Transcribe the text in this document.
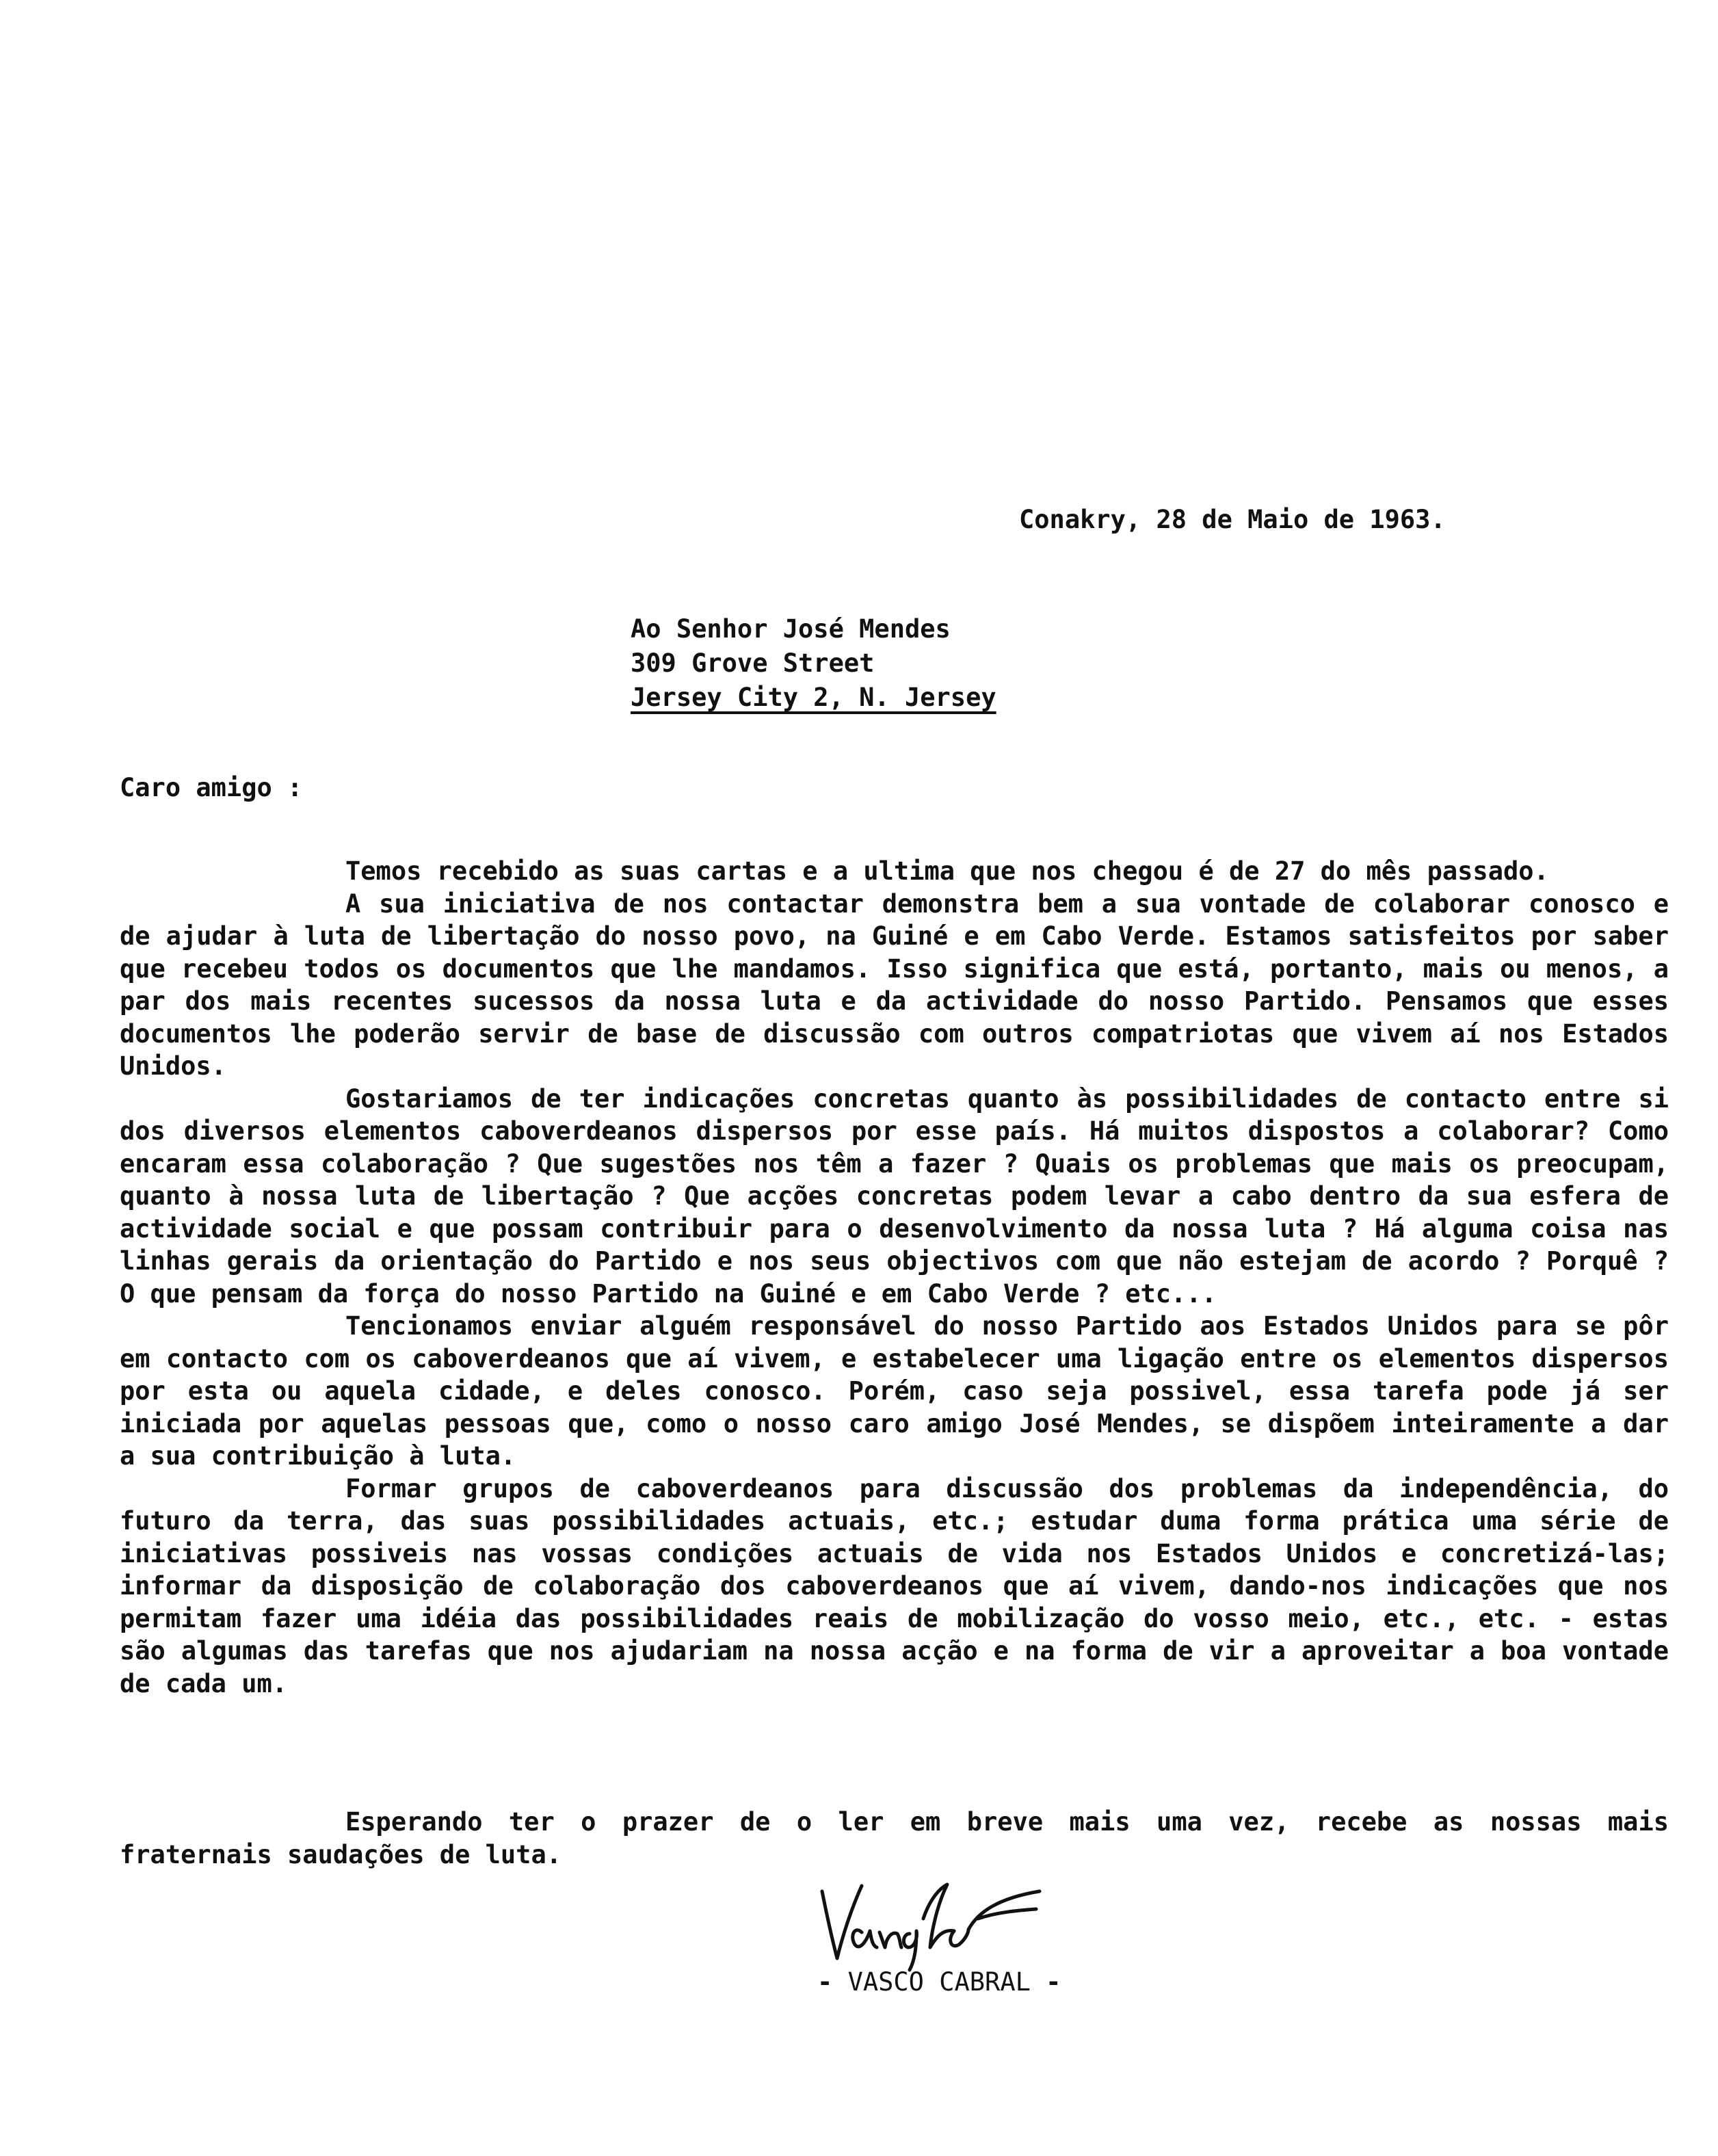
Conakry, 28 de Maio de 1963.
Ao Senhor José Mendes
309 Grove Street
Jersey City 2, N. Jersey
Caro amigo :

Temos recebido as suas cartas e a ultima que nos chegou é de 27 do mês passado.

A sua iniciativa de nos contactar demonstra bem a sua vontade de colaborar conosco e de ajudar à luta de libertação do nosso povo, na Guiné e em Cabo Verde. Estamos satisfeitos por saber que recebeu todos os documentos que lhe mandamos. Isso significa que está, portanto, mais ou menos, a par dos mais recentes sucessos da nossa luta e da actividade do nosso Partido. Pensamos que esses documentos lhe poderão servir de base de discussão com outros compatriotas que vivem aí nos Estados Unidos.

Gostariamos de ter indicações concretas quanto às possibilidades de contacto entre si dos diversos elementos caboverdeanos dispersos por esse país. Há muitos dispostos a colaborar? Como encaram essa colaboração ? Que sugestões nos têm a fazer ? Quais os problemas que mais os preocupam, quanto à nossa luta de libertação ? Que acções concretas podem levar a cabo dentro da sua esfera de actividade social e que possam contribuir para o desenvolvimento da nossa luta ? Há alguma coisa nas linhas gerais da orientação do Partido e nos seus objectivos com que não estejam de acordo ? Porquê ? O que pensam da força do nosso Partido na Guiné e em Cabo Verde ? etc...

Tencionamos enviar alguém responsável do nosso Partido aos Estados Unidos para se pôr em contacto com os caboverdeanos que aí vivem, e estabelecer uma ligação entre os elementos dispersos por esta ou aquela cidade, e deles conosco. Porém, caso seja possivel, essa tarefa pode já ser iniciada por aquelas pessoas que, como o nosso caro amigo José Mendes, se dispõem inteiramente a dar a sua contribuição à luta.

Formar grupos de caboverdeanos para discussão dos problemas da independência, do futuro da terra, das suas possibilidades actuais, etc.; estudar duma forma prática uma série de iniciativas possiveis nas vossas condições actuais de vida nos Estados Unidos e concretizá-las; informar da disposição de colaboração dos caboverdeanos que aí vivem, dando-nos indicações que nos permitam fazer uma idéia das possibilidades reais de mobilização do vosso meio, etc., etc. - estas são algumas das tarefas que nos ajudariam na nossa acção e na forma de vir a aproveitar a boa vontade de cada um.

Esperando ter o prazer de o ler em breve mais uma vez, recebe as nossas mais fraternais saudações de luta.

- VASCO CABRAL -
